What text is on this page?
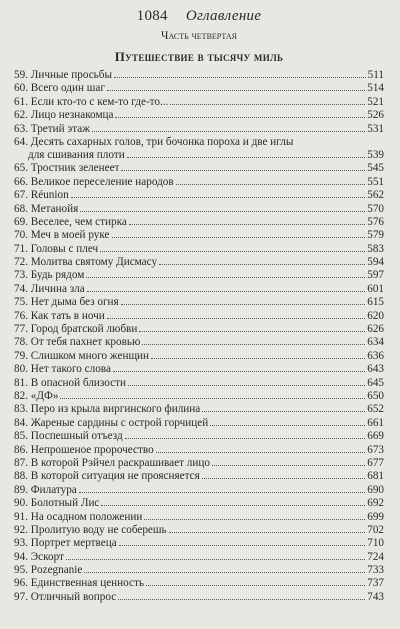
1084 Оглавление
Часть четвертая
Путешествие в тысячу миль
59. Личные просьбы	511
60. Всего один шаг	514
61. Если кто-то с кем-то где-то...	521
62. Лицо незнакомца	526
63. Третий этаж	531
64. Десять сахарных голов, три бочонка пороха и две иглы
для сшивания плоти	539
65. Тростник зеленеет	545
66. Великое переселение народов	551
67. Réunion	562
68. Метанойя	570
69. Веселее, чем стирка	576
70. Меч в моей руке	579
71. Головы с плеч	583
72. Молитва святому Дисмасу	594
73. Будь рядом	597
74. Личина зла	601
75. Нет дыма без огня	615
76. Как тать в ночи	620
77. Город братской любви	626
78. От тебя пахнет кровью	634
79. Слишком много женщин	636
80. Нет такого слова	643
81. В опасной близости	645
82. «ДФ»	650
83. Перо из крыла виргинского филина	652
84. Жареные сардины с острой горчицей	661
85. Поспешный отъезд	669
86. Непрошеное пророчество	673
87. В которой Рэйчел раскрашивает лицо	677
88. В которой ситуация не проясняется	681
89. Филатура	690
90. Болотный Лис	692
91. На осадном положении	699
92. Пролитую воду не соберешь	702
93. Портрет мертвеца	710
94. Эскорт	724
95. Pozegnanie	733
96. Единственная ценность	737
97. Отличный вопрос	743
